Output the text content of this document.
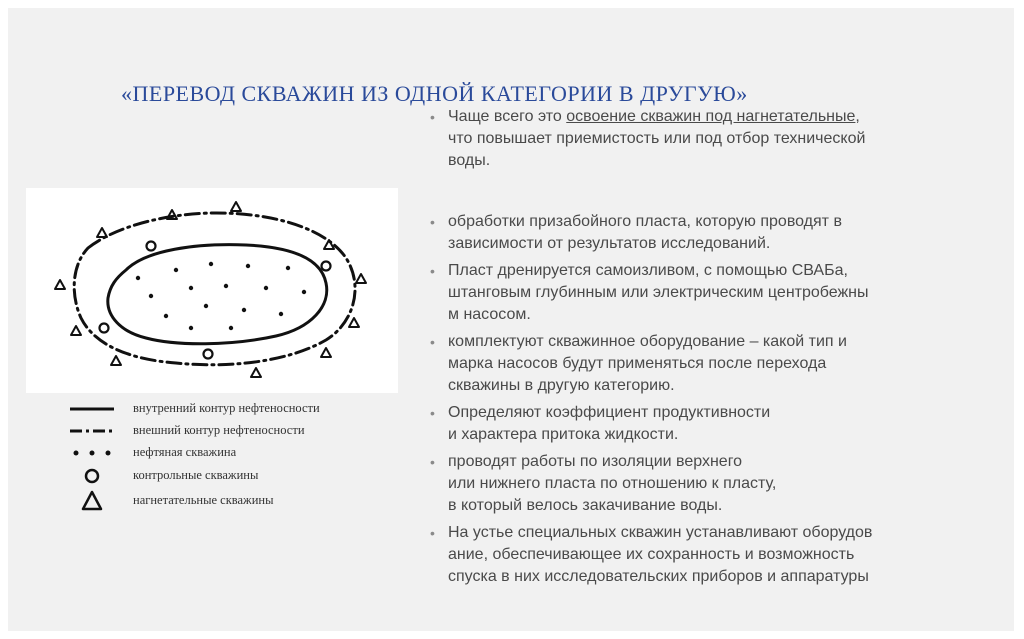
«ПЕРЕВОД СКВАЖИН ИЗ ОДНОЙ КАТЕГОРИИ В ДРУГУЮ»
• Чаще всего это освоение скважин под нагнетательные,
что повышает приемистость или под отбор технической
воды.
• обработки призабойного пласта, которую проводят в
зависимости от результатов исследований.
• Пласт дренируется самоизливом, с помощью СВАБа,
штанговым глубинным или электрическим центробежны
м насосом.
• комплектуют скважинное оборудование – какой тип и
марка насосов будут применяться после перехода
скважины в другую категорию.
• Определяют коэффициент продуктивности
и характера притока жидкости.
• проводят работы по изоляции верхнего
или нижнего пласта по отношению к пласту,
в который велось закачивание воды.
• На устье специальных скважин устанавливают оборудов
ание, обеспечивающее их сохранность и возможность
спуска в них исследовательских приборов и аппаратуры
внутренний контур нефтеносности
внешний контур нефтеносности
нефтяная скважина
контрольные скважины
нагнетательные скважины
